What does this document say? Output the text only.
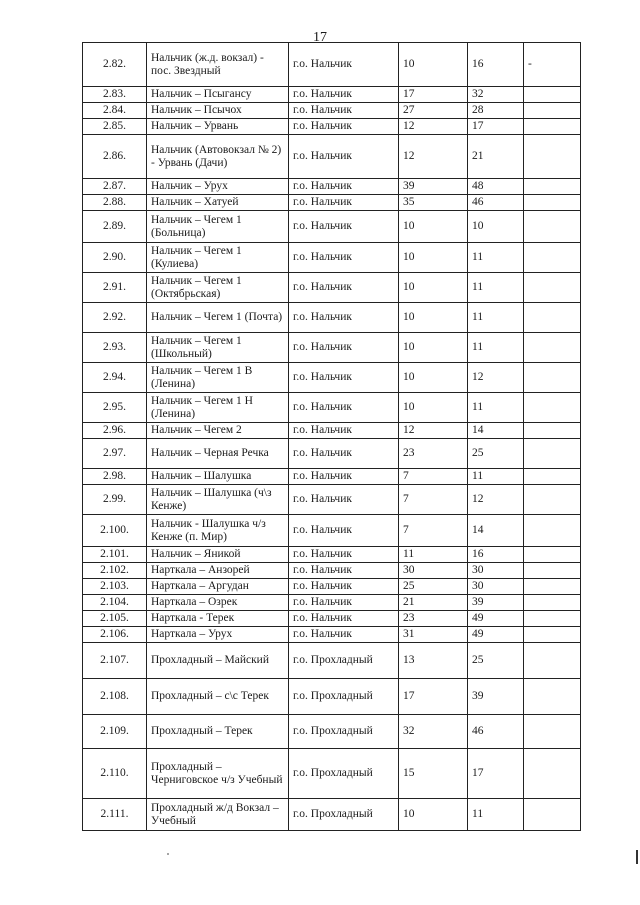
17
2.82.	Нальчик (ж.д. вокзал) - пос. Звездный	г.о. Нальчик	10	16	-
2.83.	Нальчик – Псыгансу	г.о. Нальчик	17	32	
2.84.	Нальчик – Псычох	г.о. Нальчик	27	28	
2.85.	Нальчик – Урвань	г.о. Нальчик	12	17	
2.86.	Нальчик (Автовокзал № 2) - Урвань (Дачи)	г.о. Нальчик	12	21	
2.87.	Нальчик – Урух	г.о. Нальчик	39	48	
2.88.	Нальчик – Хатуей	г.о. Нальчик	35	46	
2.89.	Нальчик – Чегем 1 (Больница)	г.о. Нальчик	10	10	
2.90.	Нальчик – Чегем 1 (Кулиева)	г.о. Нальчик	10	11	
2.91.	Нальчик – Чегем 1 (Октябрьская)	г.о. Нальчик	10	11	
2.92.	Нальчик – Чегем 1 (Почта)	г.о. Нальчик	10	11	
2.93.	Нальчик – Чегем 1 (Школьный)	г.о. Нальчик	10	11	
2.94.	Нальчик – Чегем 1 В (Ленина)	г.о. Нальчик	10	12	
2.95.	Нальчик – Чегем 1 Н (Ленина)	г.о. Нальчик	10	11	
2.96.	Нальчик – Чегем 2	г.о. Нальчик	12	14	
2.97.	Нальчик – Черная Речка	г.о. Нальчик	23	25	
2.98.	Нальчик – Шалушка	г.о. Нальчик	7	11	
2.99.	Нальчик – Шалушка (ч\з Кенже)	г.о. Нальчик	7	12	
2.100.	Нальчик - Шалушка ч/з Кенже (п. Мир)	г.о. Нальчик	7	14	
2.101.	Нальчик – Яникой	г.о. Нальчик	11	16	
2.102.	Нарткала – Анзорей	г.о. Нальчик	30	30	
2.103.	Нарткала – Аргудан	г.о. Нальчик	25	30	
2.104.	Нарткала – Озрек	г.о. Нальчик	21	39	
2.105.	Нарткала - Терек	г.о. Нальчик	23	49	
2.106.	Нарткала – Урух	г.о. Нальчик	31	49	
2.107.	Прохладный – Майский	г.о. Прохладный	13	25	
2.108.	Прохладный – с\с Терек	г.о. Прохладный	17	39	
2.109.	Прохладный – Терек	г.о. Прохладный	32	46	
2.110.	Прохладный – Черниговское ч/з Учебный	г.о. Прохладный	15	17	
2.111.	Прохладный ж/д Вокзал – Учебный	г.о. Прохладный	10	11	
